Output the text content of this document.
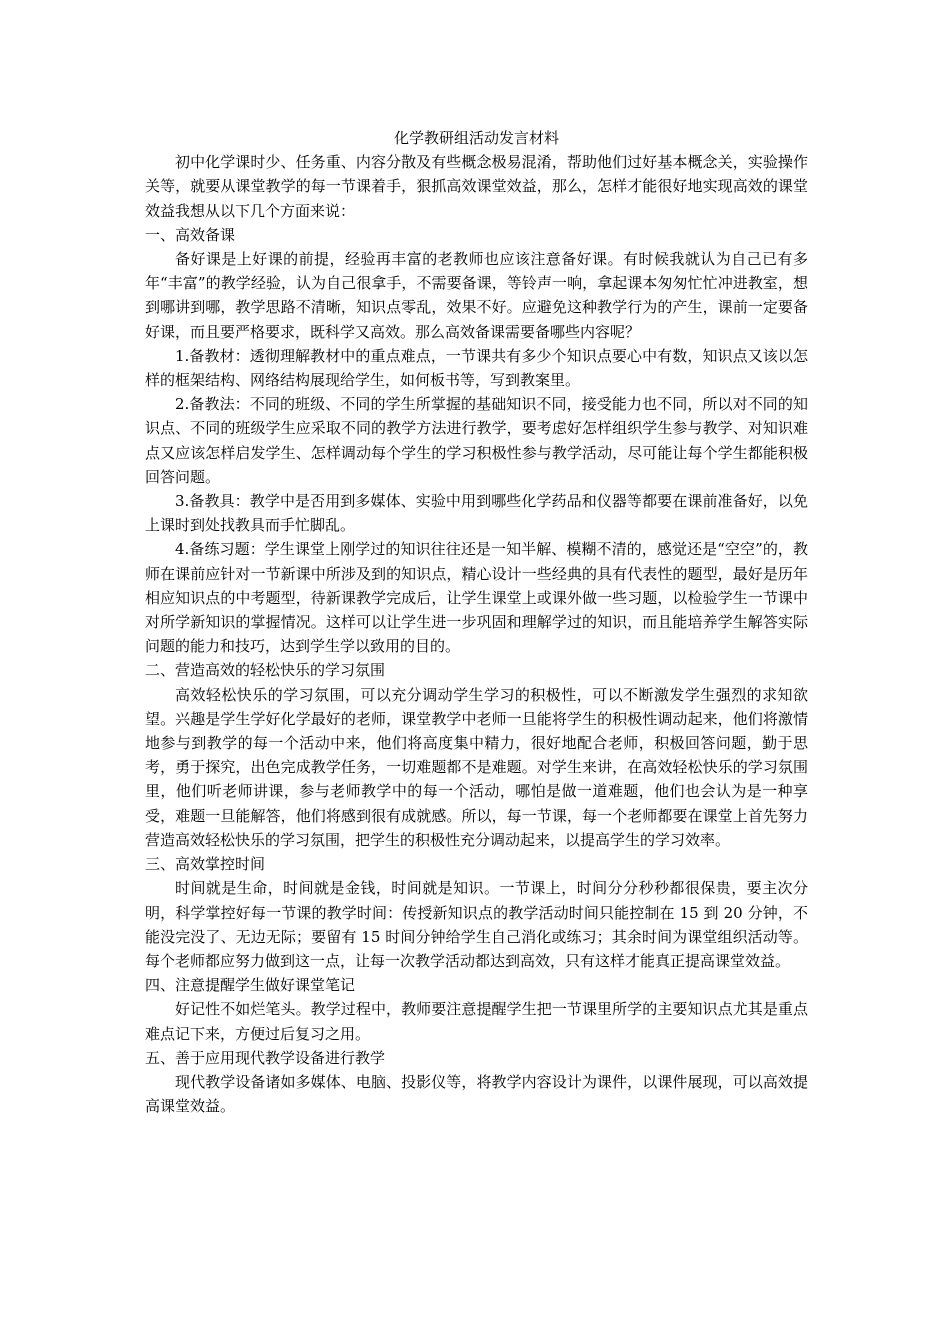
化学教研组活动发言材料

初中化学课时少、任务重、内容分散及有些概念极易混淆，帮助他们过好基本概念关，实验操作关等，就要从课堂教学的每一节课着手，狠抓高效课堂效益，那么，怎样才能很好地实现高效的课堂效益我想从以下几个方面来说：

一、高效备课

备好课是上好课的前提，经验再丰富的老教师也应该注意备好课。有时候我就认为自己已有多年“丰富”的教学经验，认为自己很拿手，不需要备课，等铃声一响，拿起课本匆匆忙忙冲进教室，想到哪讲到哪，教学思路不清晰，知识点零乱，效果不好。应避免这种教学行为的产生，课前一定要备好课，而且要严格要求，既科学又高效。那么高效备课需要备哪些内容呢？

1.备教材：透彻理解教材中的重点难点，一节课共有多少个知识点要心中有数，知识点又该以怎样的框架结构、网络结构展现给学生，如何板书等，写到教案里。

2.备教法：不同的班级、不同的学生所掌握的基础知识不同，接受能力也不同，所以对不同的知识点、不同的班级学生应采取不同的教学方法进行教学，要考虑好怎样组织学生参与教学、对知识难点又应该怎样启发学生、怎样调动每个学生的学习积极性参与教学活动，尽可能让每个学生都能积极回答问题。

3.备教具：教学中是否用到多媒体、实验中用到哪些化学药品和仪器等都要在课前准备好，以免上课时到处找教具而手忙脚乱。

4.备练习题：学生课堂上刚学过的知识往往还是一知半解、模糊不清的，感觉还是“空空”的，教师在课前应针对一节新课中所涉及到的知识点，精心设计一些经典的具有代表性的题型，最好是历年相应知识点的中考题型，待新课教学完成后，让学生课堂上或课外做一些习题，以检验学生一节课中对所学新知识的掌握情况。这样可以让学生进一步巩固和理解学过的知识，而且能培养学生解答实际问题的能力和技巧，达到学生学以致用的目的。

二、营造高效的轻松快乐的学习氛围

高效轻松快乐的学习氛围，可以充分调动学生学习的积极性，可以不断激发学生强烈的求知欲望。兴趣是学生学好化学最好的老师，课堂教学中老师一旦能将学生的积极性调动起来，他们将激情地参与到教学的每一个活动中来，他们将高度集中精力，很好地配合老师，积极回答问题，勤于思考，勇于探究，出色完成教学任务，一切难题都不是难题。对学生来讲，在高效轻松快乐的学习氛围里，他们听老师讲课，参与老师教学中的每一个活动，哪怕是做一道难题，他们也会认为是一种享受，难题一旦能解答，他们将感到很有成就感。所以，每一节课，每一个老师都要在课堂上首先努力营造高效轻松快乐的学习氛围，把学生的积极性充分调动起来，以提高学生的学习效率。

三、高效掌控时间

时间就是生命，时间就是金钱，时间就是知识。一节课上，时间分分秒秒都很保贵，要主次分明，科学掌控好每一节课的教学时间：传授新知识点的教学活动时间只能控制在 15 到 20 分钟，不能没完没了、无边无际；要留有 15 时间分钟给学生自己消化或练习；其余时间为课堂组织活动等。每个老师都应努力做到这一点，让每一次教学活动都达到高效，只有这样才能真正提高课堂效益。

四、注意提醒学生做好课堂笔记

好记性不如烂笔头。教学过程中，教师要注意提醒学生把一节课里所学的主要知识点尤其是重点难点记下来，方便过后复习之用。

五、善于应用现代教学设备进行教学

现代教学设备诸如多媒体、电脑、投影仪等，将教学内容设计为课件，以课件展现，可以高效提高课堂效益。
